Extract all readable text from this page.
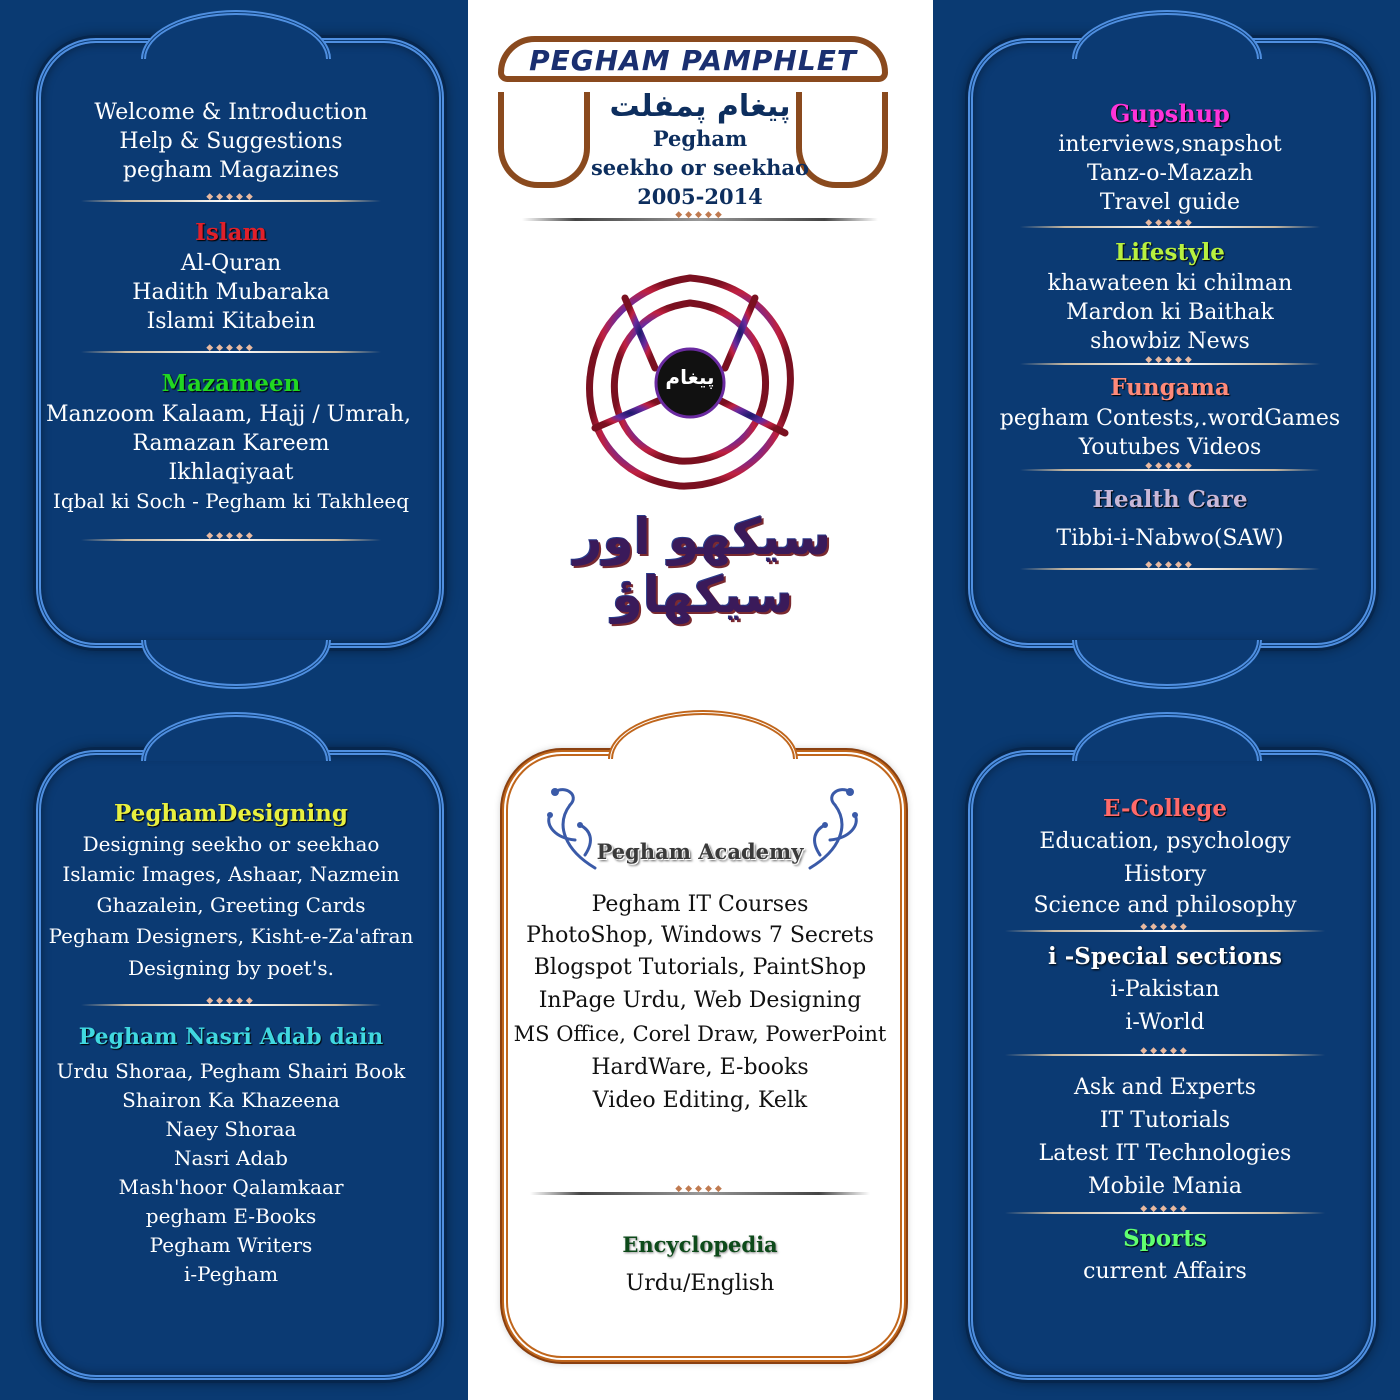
PEGHAM PAMPHLET
پیغام پمفلت
Pegham
seekho or seekhao
2005-2014
◆◆◆◆◆
پیغام
سیکھو اور سیکھاؤ
Welcome & Introduction
Help & Suggestions
pegham Magazines
◆◆◆◆◆
Islam
Al-Quran
Hadith Mubaraka
Islami Kitabein
◆◆◆◆◆
Mazameen
Manzoom Kalaam, Hajj / Umrah,
Ramazan Kareem
Ikhlaqiyaat
Iqbal ki Soch - Pegham ki Takhleeq
◆◆◆◆◆
Gupshup
interviews,snapshot
Tanz-o-Mazazh
Travel guide
◆◆◆◆◆
Lifestyle
khawateen ki chilman
Mardon ki Baithak
showbiz News
◆◆◆◆◆
Fungama
pegham Contests,.wordGames
Youtubes Videos
◆◆◆◆◆
Health Care
Tibbi-i-Nabwo(SAW)
◆◆◆◆◆
PeghamDesigning
Designing seekho or seekhao
Islamic Images, Ashaar, Nazmein
Ghazalein, Greeting Cards
Pegham Designers, Kisht-e-Za'afran
Designing by poet's.
◆◆◆◆◆
Pegham Nasri Adab dain
Urdu Shoraa, Pegham Shairi Book
Shairon Ka Khazeena
Naey Shoraa
Nasri Adab
Mash'hoor Qalamkaar
pegham E-Books
Pegham Writers
i-Pegham
Pegham Academy
Pegham IT Courses
PhotoShop, Windows 7 Secrets
Blogspot Tutorials, PaintShop
InPage Urdu, Web Designing
MS Office, Corel Draw, PowerPoint
HardWare, E-books
Video Editing, Kelk
◆◆◆◆◆
Encyclopedia
Urdu/English
E-College
Education, psychology
History
Science and philosophy
◆◆◆◆◆
i -Special sections
i-Pakistan
i-World
◆◆◆◆◆
Ask and Experts
IT Tutorials
Latest IT Technologies
Mobile Mania
◆◆◆◆◆
Sports
current Affairs
